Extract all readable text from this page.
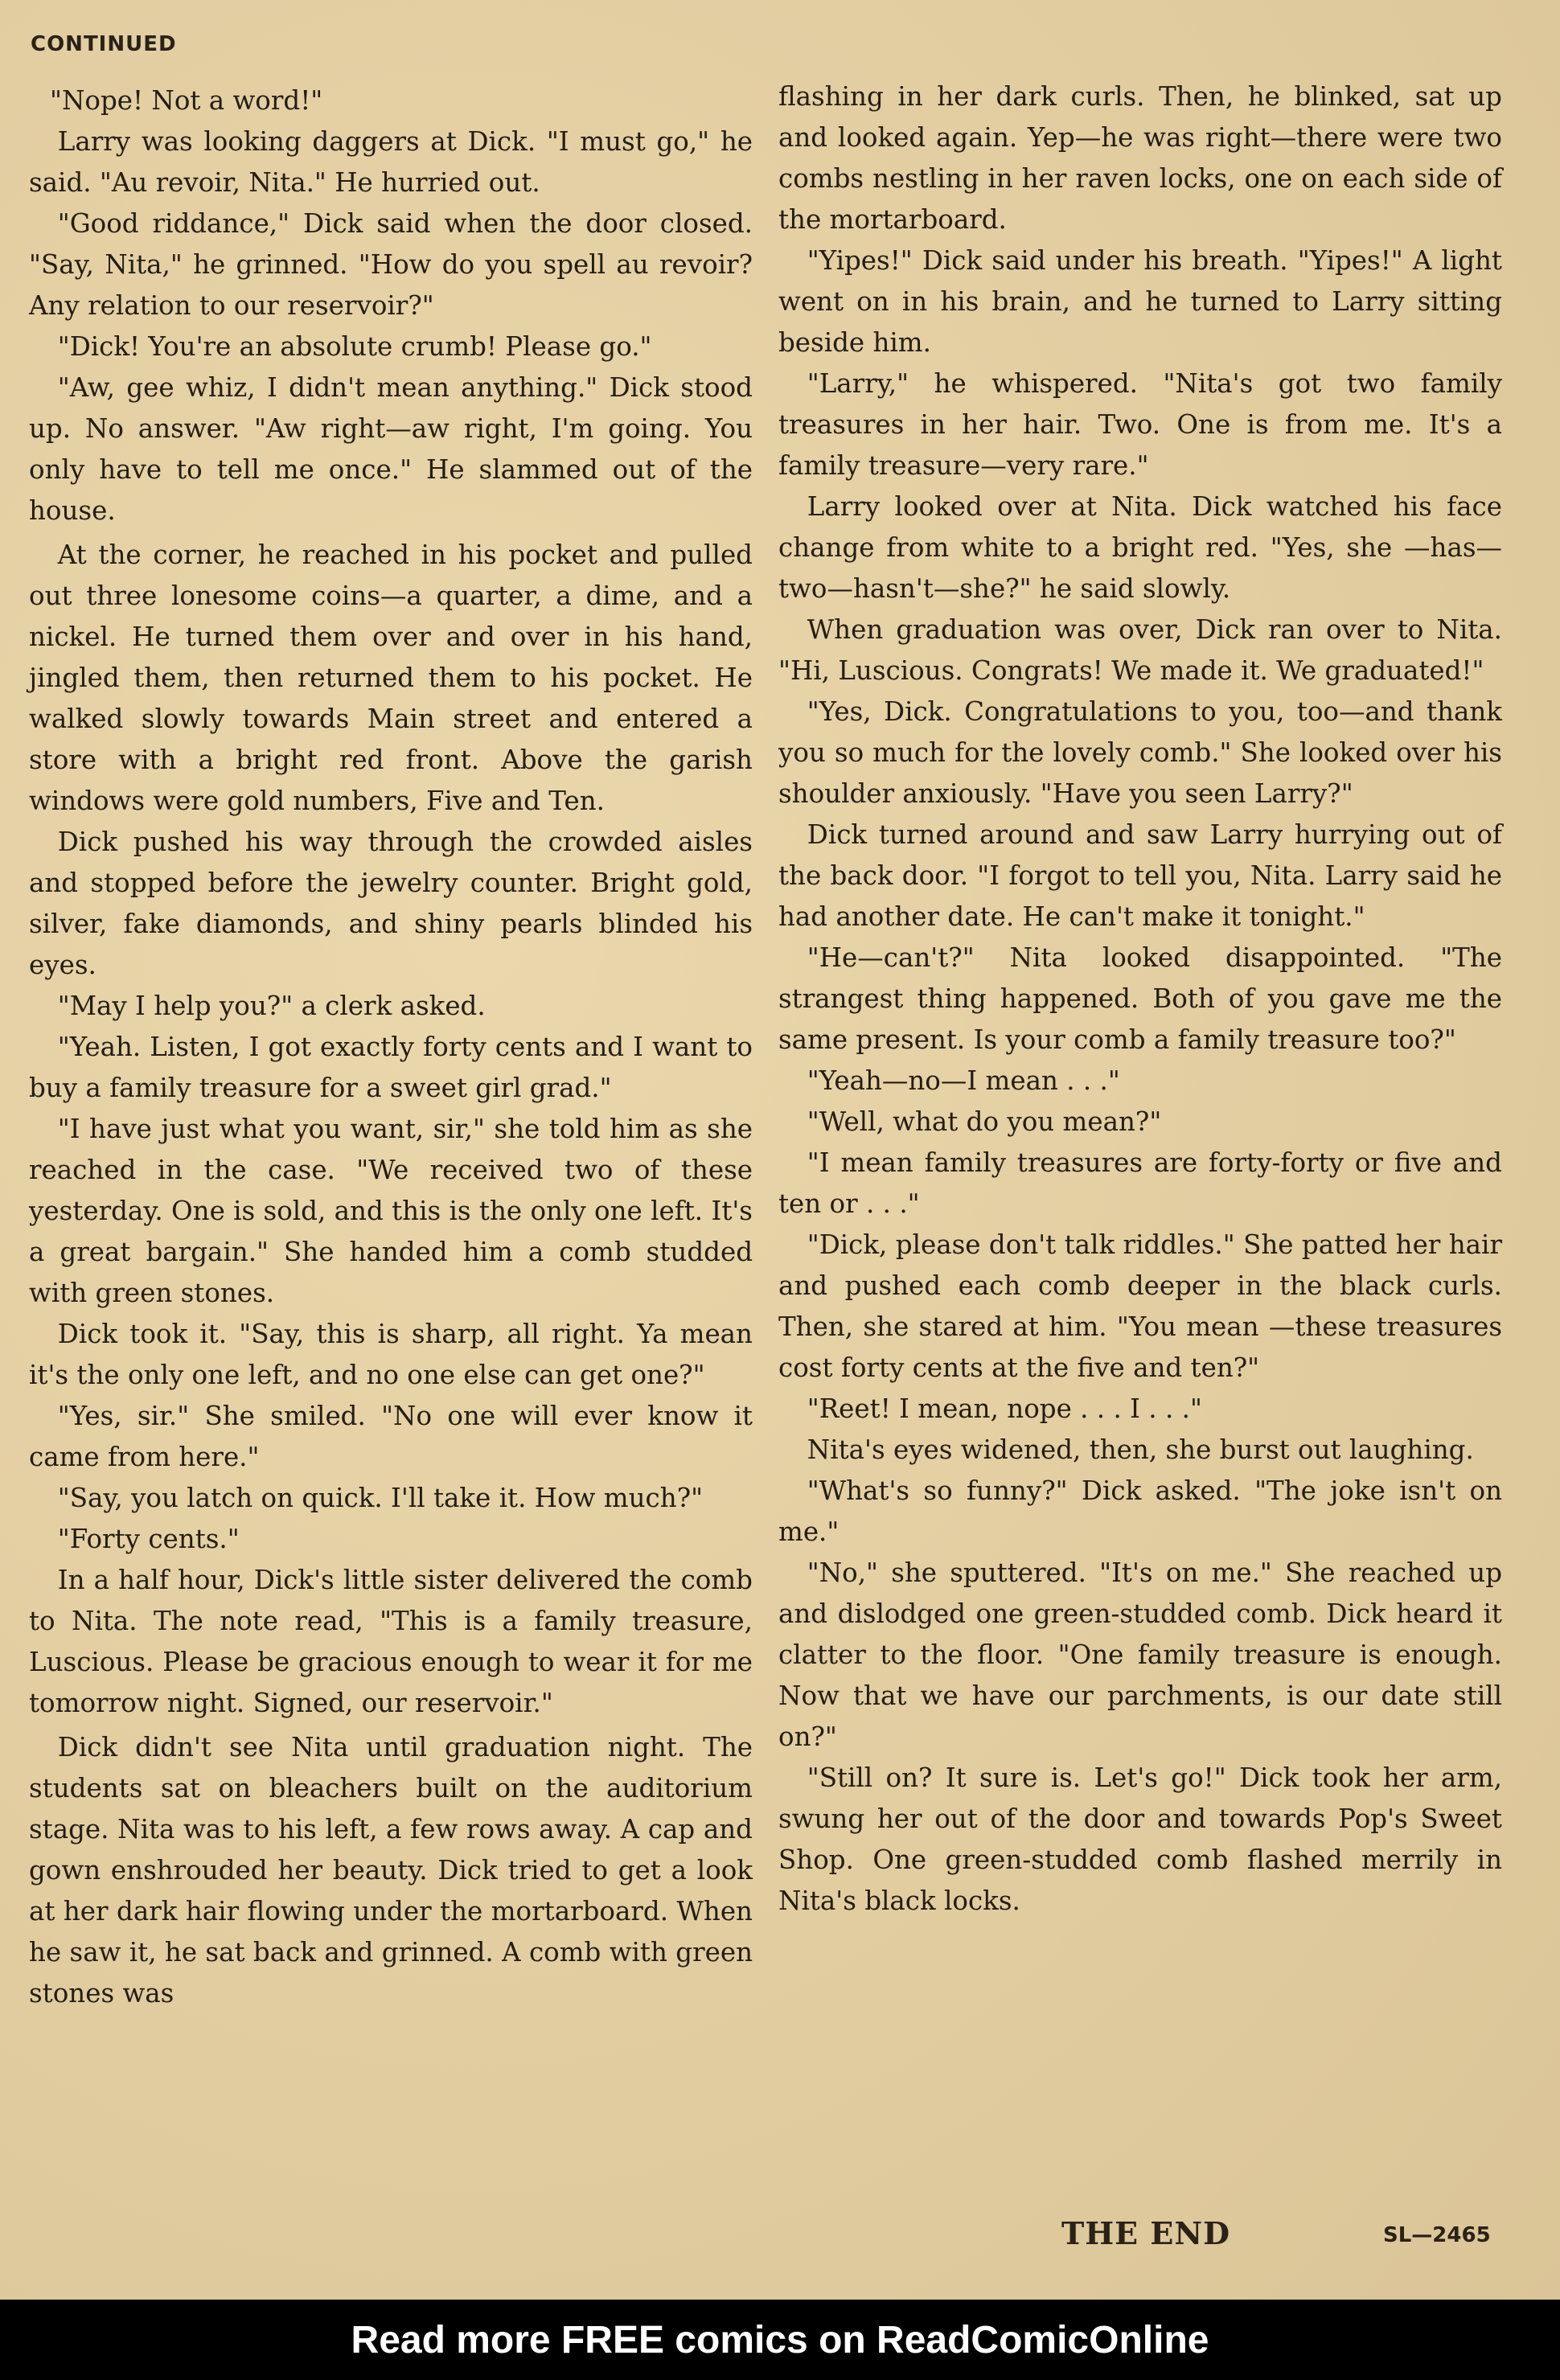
CONTINUED

"Nope! Not a word!"

Larry was looking daggers at Dick. "I must go," he said. "Au revoir, Nita." He hurried out.

"Good riddance," Dick said when the door closed. "Say, Nita," he grinned. "How do you spell au revoir? Any relation to our reservoir?"

"Dick! You're an absolute crumb! Please go."

"Aw, gee whiz, I didn't mean anything." Dick stood up. No answer. "Aw right—aw right, I'm going. You only have to tell me once." He slammed out of the house.

At the corner, he reached in his pocket and pulled out three lonesome coins—a quarter, a dime, and a nickel. He turned them over and over in his hand, jingled them, then returned them to his pocket. He walked slowly towards Main street and entered a store with a bright red front. Above the garish windows were gold numbers, Five and Ten.

Dick pushed his way through the crowded aisles and stopped before the jewelry counter. Bright gold, silver, fake diamonds, and shiny pearls blinded his eyes.

"May I help you?" a clerk asked.

"Yeah. Listen, I got exactly forty cents and I want to buy a family treasure for a sweet girl grad."

"I have just what you want, sir," she told him as she reached in the case. "We received two of these yesterday. One is sold, and this is the only one left. It's a great bargain." She handed him a comb studded with green stones.

Dick took it. "Say, this is sharp, all right. Ya mean it's the only one left, and no one else can get one?"

"Yes, sir." She smiled. "No one will ever know it came from here."

"Say, you latch on quick. I'll take it. How much?"

"Forty cents."

In a half hour, Dick's little sister delivered the comb to Nita. The note read, "This is a family treasure, Luscious. Please be gracious enough to wear it for me tomorrow night. Signed, our reservoir."

Dick didn't see Nita until graduation night. The students sat on bleachers built on the auditorium stage. Nita was to his left, a few rows away. A cap and gown enshrouded her beauty. Dick tried to get a look at her dark hair flowing under the mortarboard. When he saw it, he sat back and grinned. A comb with green stones was

flashing in her dark curls. Then, he blinked, sat up and looked again. Yep—he was right—there were two combs nestling in her raven locks, one on each side of the mortarboard.

"Yipes!" Dick said under his breath. "Yipes!" A light went on in his brain, and he turned to Larry sitting beside him.

"Larry," he whispered. "Nita's got two family treasures in her hair. Two. One is from me. It's a family treasure—very rare."

Larry looked over at Nita. Dick watched his face change from white to a bright red. "Yes, she —has—two—hasn't—she?" he said slowly.

When graduation was over, Dick ran over to Nita. "Hi, Luscious. Congrats! We made it. We graduated!"

"Yes, Dick. Congratulations to you, too—and thank you so much for the lovely comb." She looked over his shoulder anxiously. "Have you seen Larry?"

Dick turned around and saw Larry hurrying out of the back door. "I forgot to tell you, Nita. Larry said he had another date. He can't make it tonight."

"He—can't?" Nita looked disappointed. "The strangest thing happened. Both of you gave me the same present. Is your comb a family treasure too?"

"Yeah—no—I mean . . ."

"Well, what do you mean?"

"I mean family treasures are forty-forty or five and ten or . . ."

"Dick, please don't talk riddles." She patted her hair and pushed each comb deeper in the black curls. Then, she stared at him. "You mean —these treasures cost forty cents at the five and ten?"

"Reet! I mean, nope . . . I . . ."

Nita's eyes widened, then, she burst out laughing.

"What's so funny?" Dick asked. "The joke isn't on me."

"No," she sputtered. "It's on me." She reached up and dislodged one green-studded comb. Dick heard it clatter to the floor. "One family treasure is enough. Now that we have our parchments, is our date still on?"

"Still on? It sure is. Let's go!" Dick took her arm, swung her out of the door and towards Pop's Sweet Shop. One green-studded comb flashed merrily in Nita's black locks.

THE END	SL—2465
Read more FREE comics on ReadComicOnline
